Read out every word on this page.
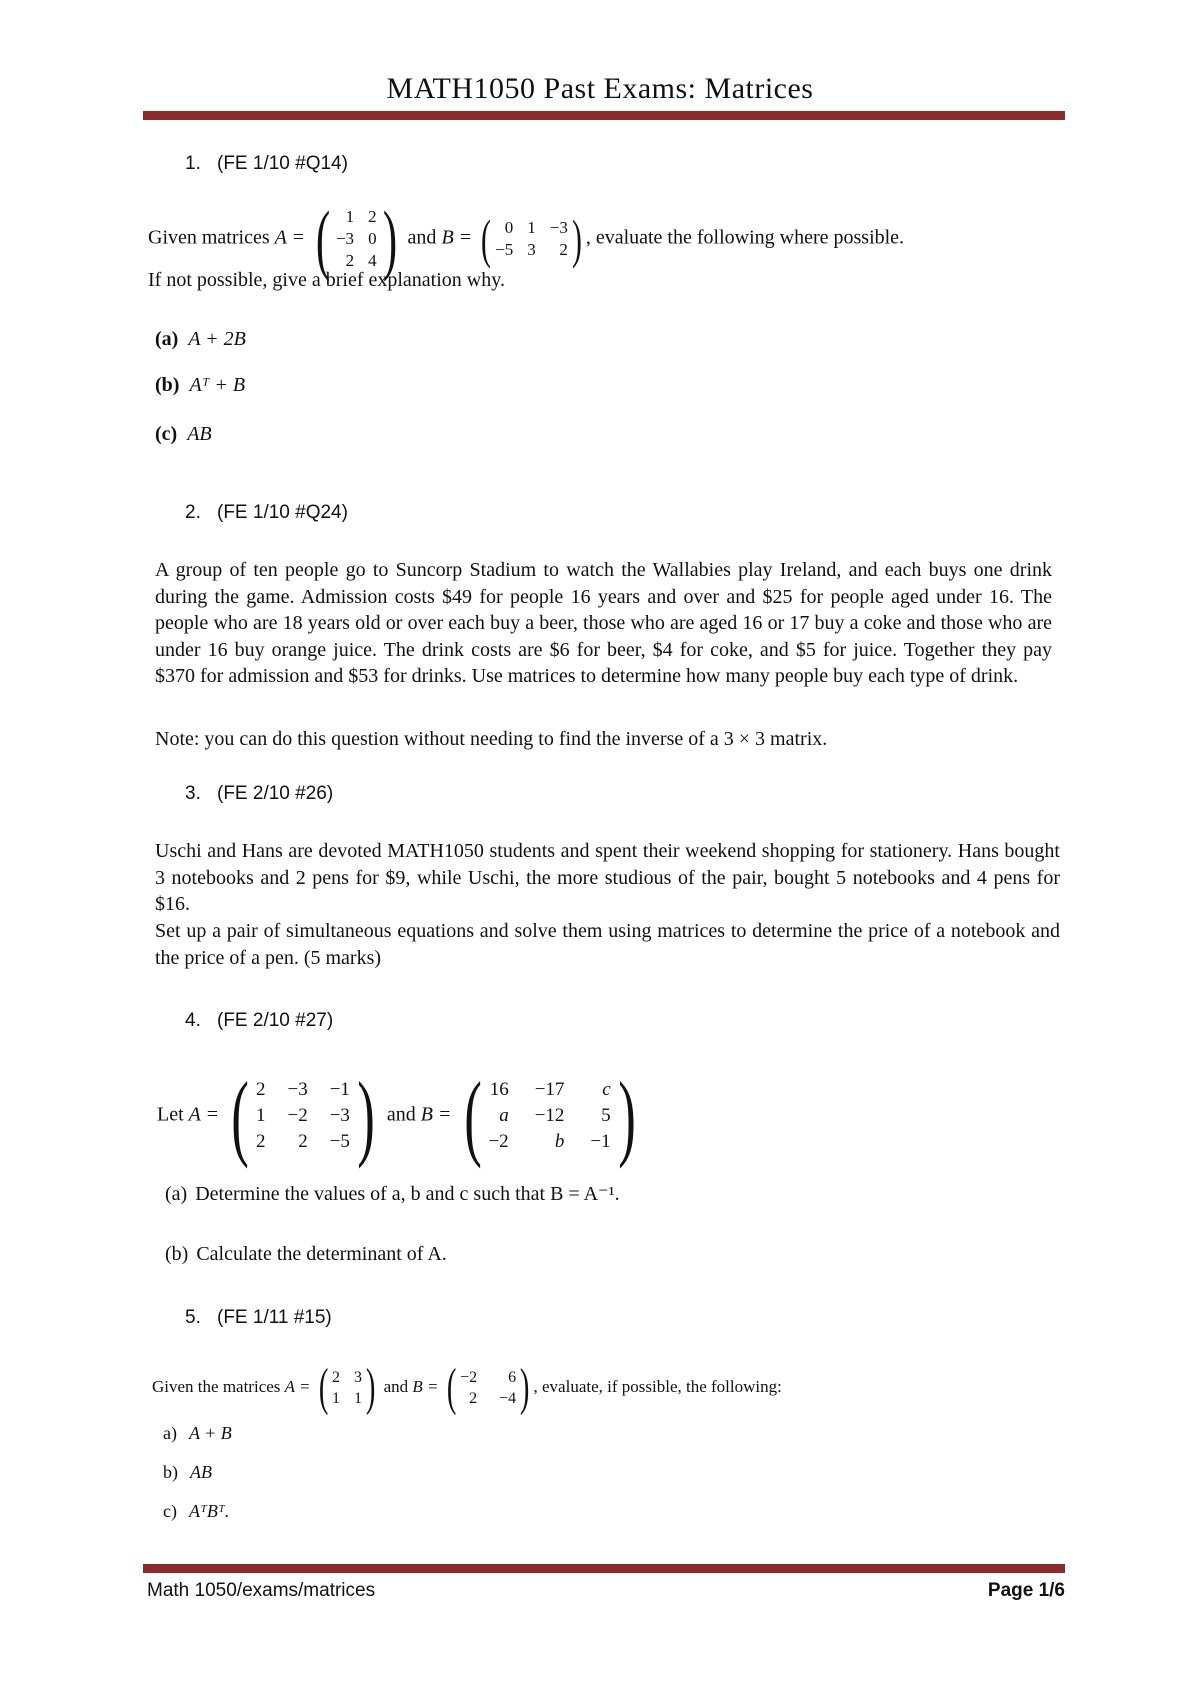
MATH1050 Past Exams: Matrices
1. (FE 1/10 #Q14)
Given matrices A = ( 1 2
−3 0
2 4 ) and B = ( 0 1 −3
−5 3	2 ) , evaluate the following where possible.
If not possible, give a brief explanation why.
(a) A + 2B
(b) Aᵀ + B
(c) AB
2. (FE 1/10 #Q24)
A group of ten people go to Suncorp Stadium to watch the Wallabies play Ireland, and each buys one drink during the game. Admission costs $49 for people 16 years and over and $25 for people aged under 16. The people who are 18 years old or over each buy a beer, those who are aged 16 or 17 buy a coke and those who are under 16 buy orange juice. The drink costs are $6 for beer, $4 for coke, and $5 for juice. Together they pay $370 for admission and $53 for drinks. Use matrices to determine how many people buy each type of drink.
Note: you can do this question without needing to find the inverse of a 3 × 3 matrix.
3. (FE 2/10 #26)
Uschi and Hans are devoted MATH1050 students and spent their weekend shopping for stationery. Hans bought 3 notebooks and 2 pens for $9, while Uschi, the more studious of the pair, bought 5 notebooks and 4 pens for $16.
Set up a pair of simultaneous equations and solve them using matrices to determine the price of a notebook and the price of a pen. (5 marks)
4. (FE 2/10 #27)
Let A = ( 2 −3 −1
1 −2 −3
2	2 −5 ) and B = ( 16 −17	c
a −12	5
−2	b −1 )
(a) Determine the values of a, b and c such that B = A⁻¹.
(b) Calculate the determinant of A.
5. (FE 1/11 #15)
Given the matrices A = ( 2 3
1 1 ) and B = ( −2	6
2 −4 ) , evaluate, if possible, the following:
a) A + B
b) AB
c) AᵀBᵀ.
Math 1050/exams/matrices	Page 1/6
